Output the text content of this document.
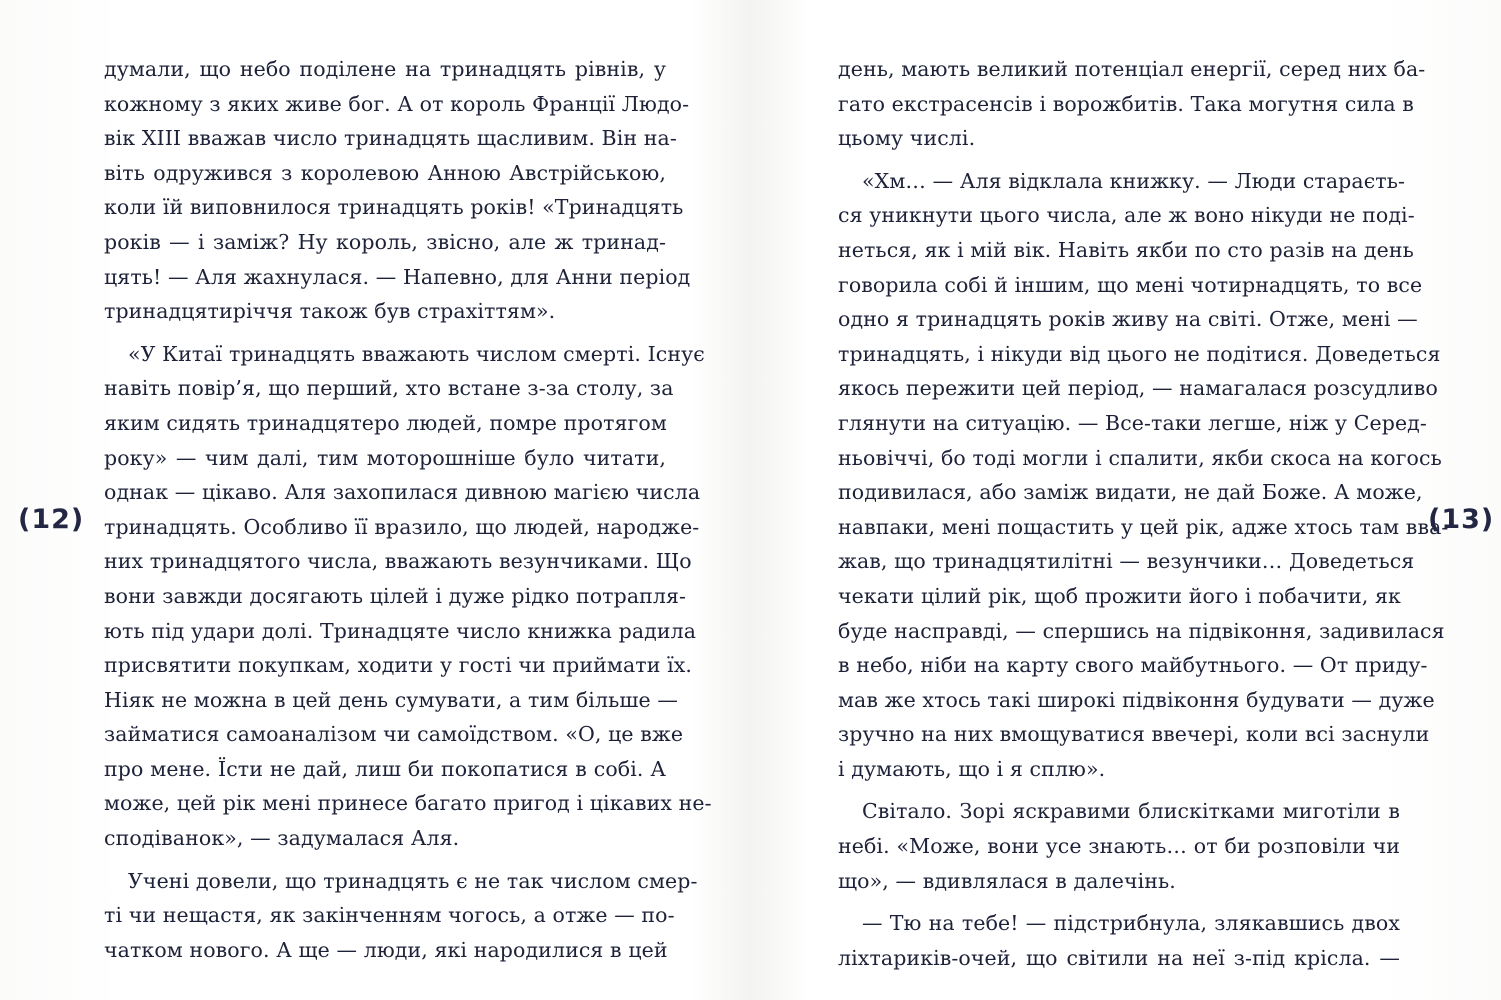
думали, що небо поділене на тринадцять рівнів, у
кожному з яких живе бог. А от король Франції Людо-
вік XIII вважав число тринадцять щасливим. Він на-
віть одружився з королевою Анною Австрійською,
коли їй виповнилося тринадцять років! «Тринадцять
років — і заміж? Ну король, звісно, але ж тринад-
цять! — Аля жахнулася. — Напевно, для Анни період
тринадцятиріччя також був страхіттям».
«У Китаї тринадцять вважають числом смерті. Існує
навіть повір’я, що перший, хто встане з-за столу, за
яким сидять тринадцятеро людей, помре протягом
року» — чим далі, тим моторошніше було читати,
однак — цікаво. Аля захопилася дивною магією числа
тринадцять. Особливо її вразило, що людей, народже-
них тринадцятого числа, вважають везунчиками. Що
вони завжди досягають цілей і дуже рідко потрапля-
ють під удари долі. Тринадцяте число книжка радила
присвятити покупкам, ходити у гості чи приймати їх.
Ніяк не можна в цей день сумувати, а тим більше —
займатися самоаналізом чи самоїдством. «О, це вже
про мене. Їсти не дай, лиш би покопатися в собі. А
може, цей рік мені принесе багато пригод і цікавих не-
сподіванок», — задумалася Аля.
Учені довели, що тринадцять є не так числом смер-
ті чи нещастя, як закінченням чогось, а отже — по-
чатком нового. А ще — люди, які народилися в цей
(12)
день, мають великий потенціал енергії, серед них ба-
гато екстрасенсів і ворожбитів. Така могутня сила в
цьому числі.
«Хм… — Аля відклала книжку. — Люди стараєть-
ся уникнути цього числа, але ж воно нікуди не поді-
неться, як і мій вік. Навіть якби по сто разів на день
говорила собі й іншим, що мені чотирнадцять, то все
одно я тринадцять років живу на світі. Отже, мені —
тринадцять, і нікуди від цього не подітися. Доведеться
якось пережити цей період, — намагалася розсудливо
глянути на ситуацію. — Все-таки легше, ніж у Серед-
ньовіччі, бо тоді могли і спалити, якби скоса на когось
подивилася, або заміж видати, не дай Боже. А може,
навпаки, мені пощастить у цей рік, адже хтось там вва-
жав, що тринадцятилітні — везунчики… Доведеться
чекати цілий рік, щоб прожити його і побачити, як
буде насправді, — спершись на підвіконня, задивилася
в небо, ніби на карту свого майбутнього. — От приду-
мав же хтось такі широкі підвіконня будувати — дуже
зручно на них вмощуватися ввечері, коли всі заснули
і думають, що і я сплю».
Світало. Зорі яскравими блискітками миготіли в
небі. «Може, вони усе знають… от би розповіли чи
що», — вдивлялася в далечінь.
— Тю на тебе! — підстрибнула, злякавшись двох
ліхтариків-очей, що світили на неї з-під крісла. —
(13)
